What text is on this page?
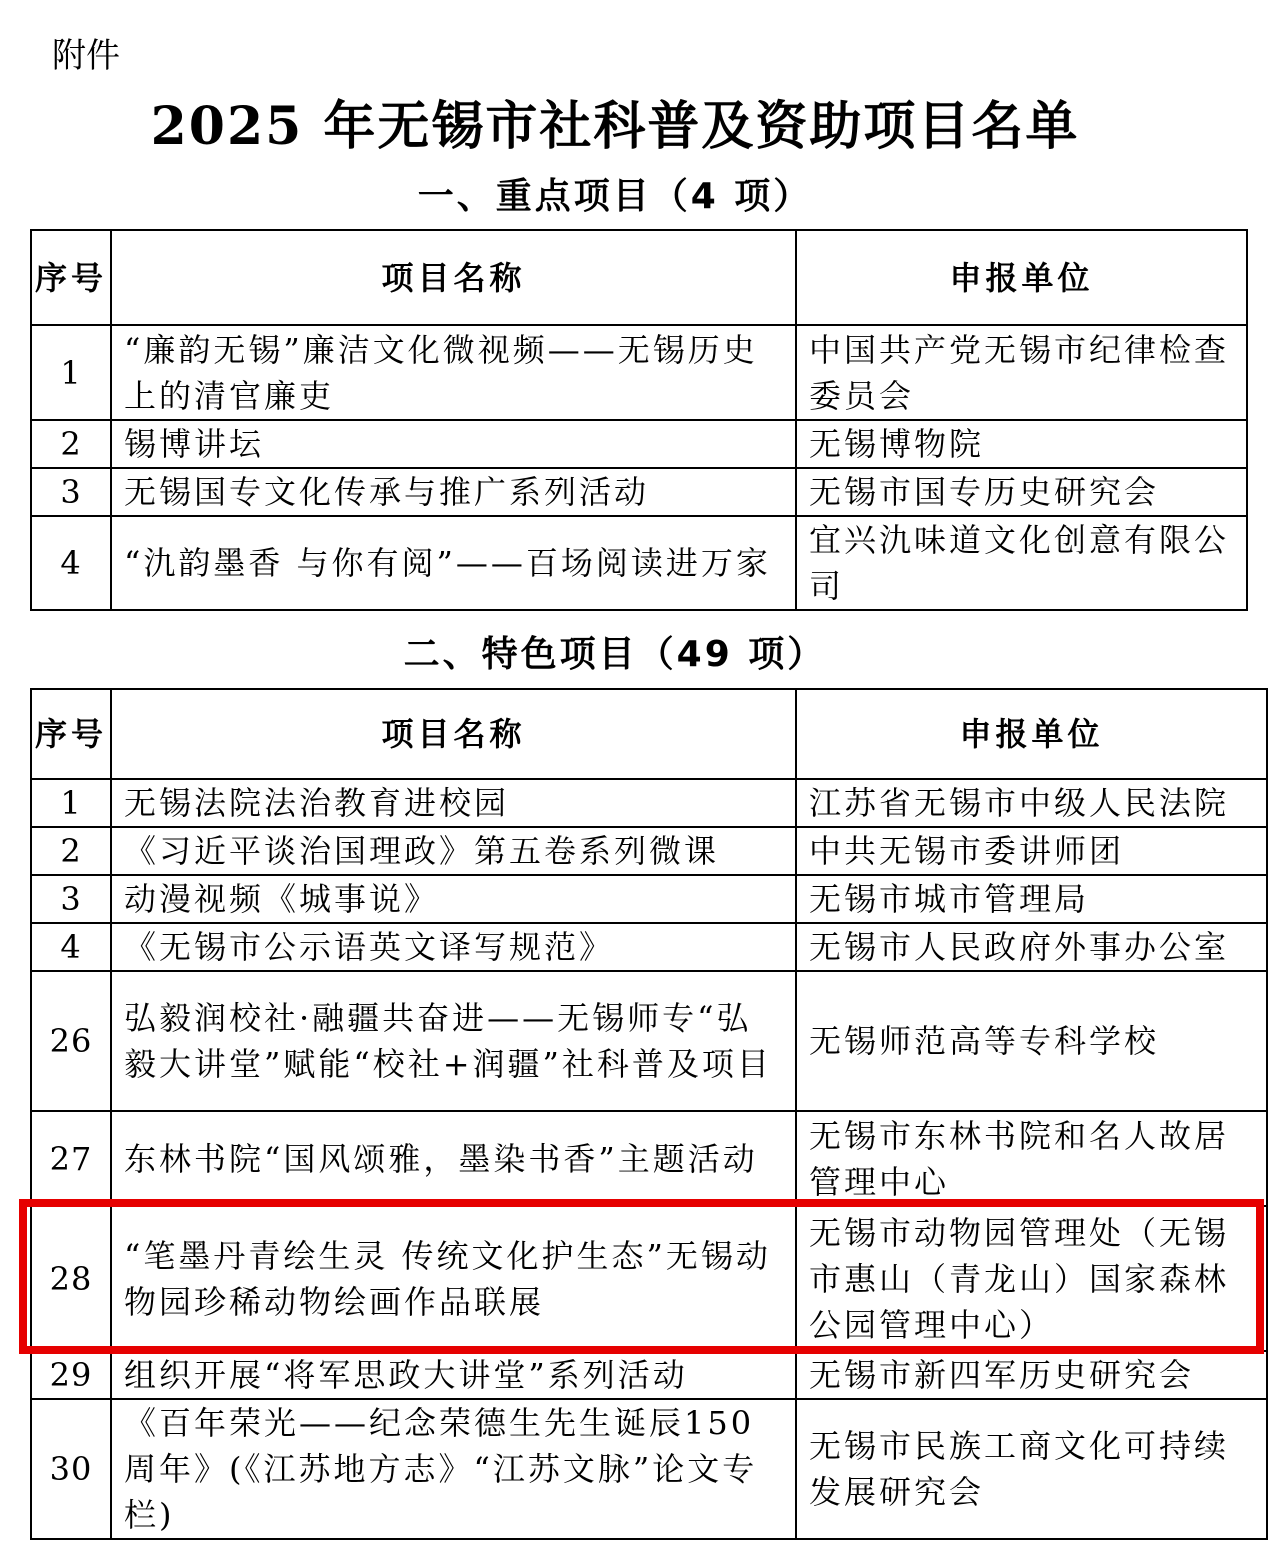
附件
2025 年无锡市社科普及资助项目名单
一、重点项目（4 项）
序号	项目名称	申报单位
1	“廉韵无锡”廉洁文化微视频——无锡历史上的清官廉吏	中国共产党无锡市纪律检查委员会
2	锡博讲坛	无锡博物院
3	无锡国专文化传承与推广系列活动	无锡市国专历史研究会
4	“氿韵墨香 与你有阅”——百场阅读进万家	宜兴氿味道文化创意有限公司
二、特色项目（49 项）
序号	项目名称	申报单位
1	无锡法院法治教育进校园	江苏省无锡市中级人民法院
2	《习近平谈治国理政》第五卷系列微课	中共无锡市委讲师团
3	动漫视频《城事说》	无锡市城市管理局
4	《无锡市公示语英文译写规范》	无锡市人民政府外事办公室
26	弘毅润校社·融疆共奋进——无锡师专“弘毅大讲堂”赋能“校社+润疆”社科普及项目	无锡师范高等专科学校
27	东林书院“国风颂雅，墨染书香”主题活动	无锡市东林书院和名人故居管理中心
28	“笔墨丹青绘生灵 传统文化护生态”无锡动物园珍稀动物绘画作品联展	无锡市动物园管理处（无锡市惠山（青龙山）国家森林公园管理中心）
29	组织开展“将军思政大讲堂”系列活动	无锡市新四军历史研究会
30	《百年荣光——纪念荣德生先生诞辰150周年》(《江苏地方志》“江苏文脉”论文专栏)	无锡市民族工商文化可持续发展研究会
